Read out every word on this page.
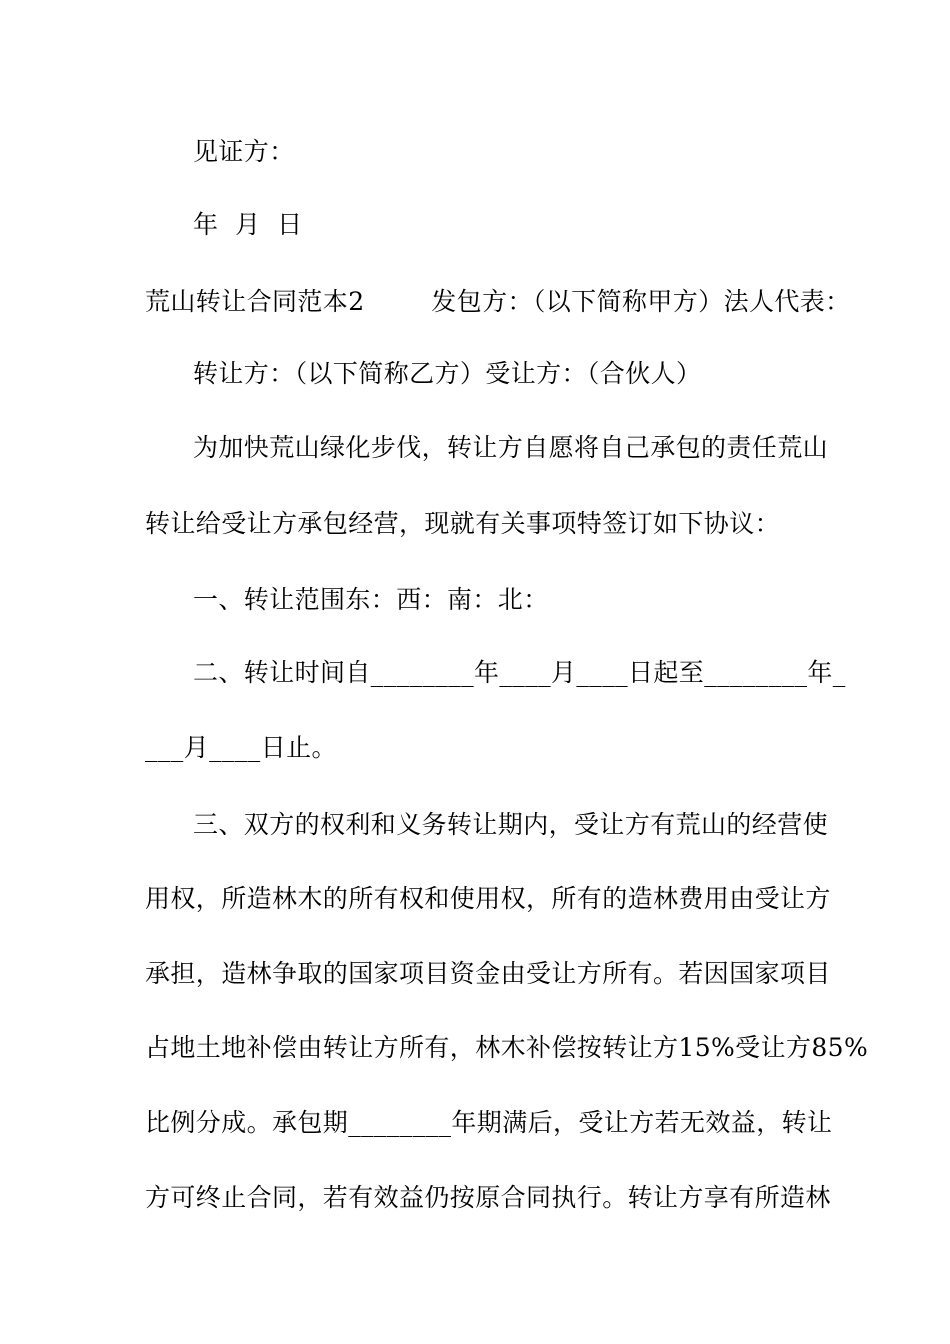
见证方：
年  月  日
荒山转让合同范本2        发包方：（以下简称甲方）法人代表：
转让方：（以下简称乙方）受让方：（合伙人）
为加快荒山绿化步伐，转让方自愿将自己承包的责任荒山
转让给受让方承包经营，现就有关事项特签订如下协议：
一、转让范围东：西：南：北：
二、转让时间自________年____月____日起至________年_
___月____日止。
三、双方的权利和义务转让期内，受让方有荒山的经营使
用权，所造林木的所有权和使用权，所有的造林费用由受让方
承担，造林争取的国家项目资金由受让方所有。若因国家项目
占地土地补偿由转让方所有，林木补偿按转让方15%受让方85%
比例分成。承包期________年期满后，受让方若无效益，转让
方可终止合同，若有效益仍按原合同执行。转让方享有所造林
